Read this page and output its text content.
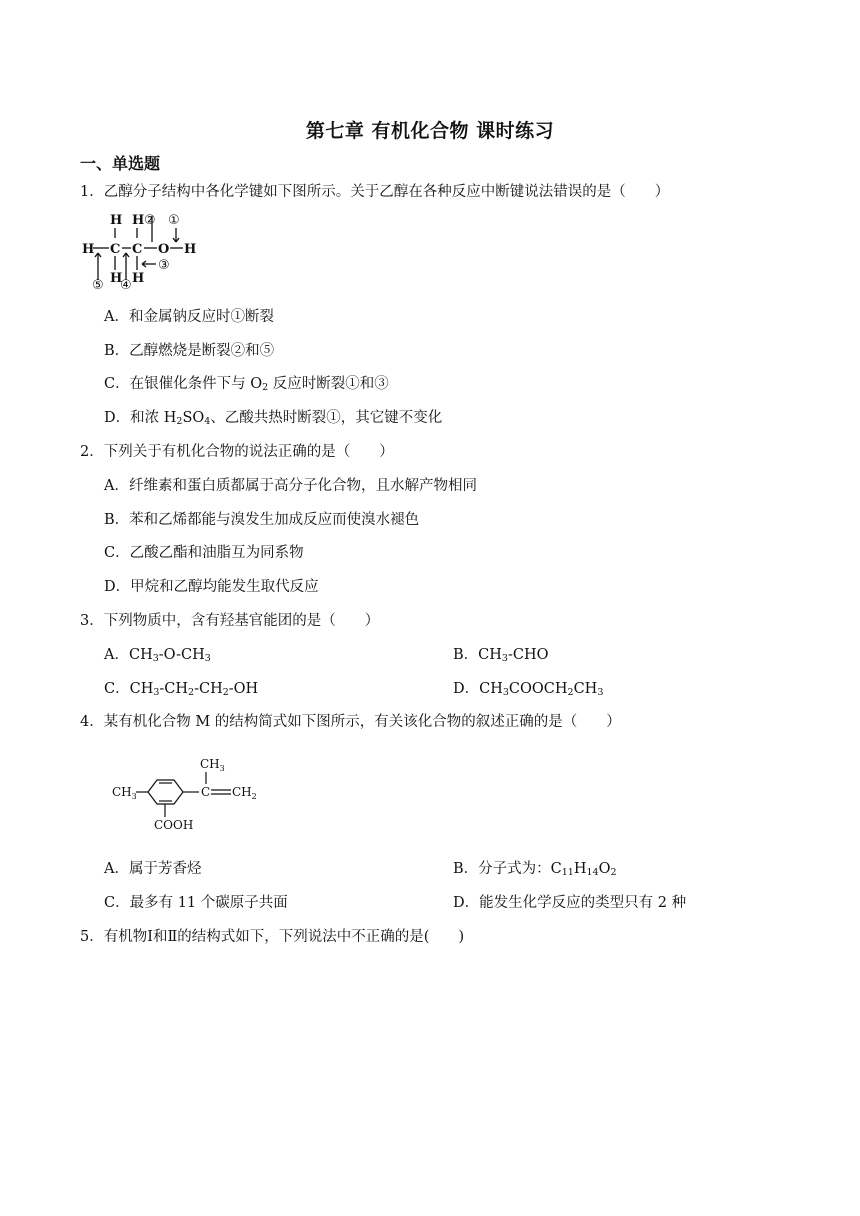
第七章 有机化合物 课时练习
一、单选题
1．乙醇分子结构中各化学键如下图所示。关于乙醇在各种反应中断键说法错误的是（　　）
H H ② ①
H C C O H
H H
③
⑤ ④
A．和金属钠反应时①断裂
B．乙醇燃烧是断裂②和⑤
C．在银催化条件下与 $O_2$ 反应时断裂①和③
D．和浓 $H_2SO_4$、乙酸共热时断裂①，其它键不变化
2．下列关于有机化合物的说法正确的是（　　）
A．纤维素和蛋白质都属于高分子化合物，且水解产物相同
B．苯和乙烯都能与溴发生加成反应而使溴水褪色
C．乙酸乙酯和油脂互为同系物
D．甲烷和乙醇均能发生取代反应
3．下列物质中，含有羟基官能团的是（　　）
A．$CH_3-O-CH_3$	B．$CH_3$-CHO
C．$CH_3-CH_2-CH_2-OH$	D．$CH_3COOCH_2CH_3$
4．某有机化合物 M 的结构简式如下图所示，有关该化合物的叙述正确的是（　　）
$CH_3$
$CH_3$	C $CH_2$
COOH
A．属于芳香烃	B．分子式为：$C_{11}H_{14}O_2$
C．最多有 11 个碳原子共面	D．能发生化学反应的类型只有 2 种
5．有机物Ⅰ和Ⅱ的结构式如下，下列说法中不正确的是(　　)
